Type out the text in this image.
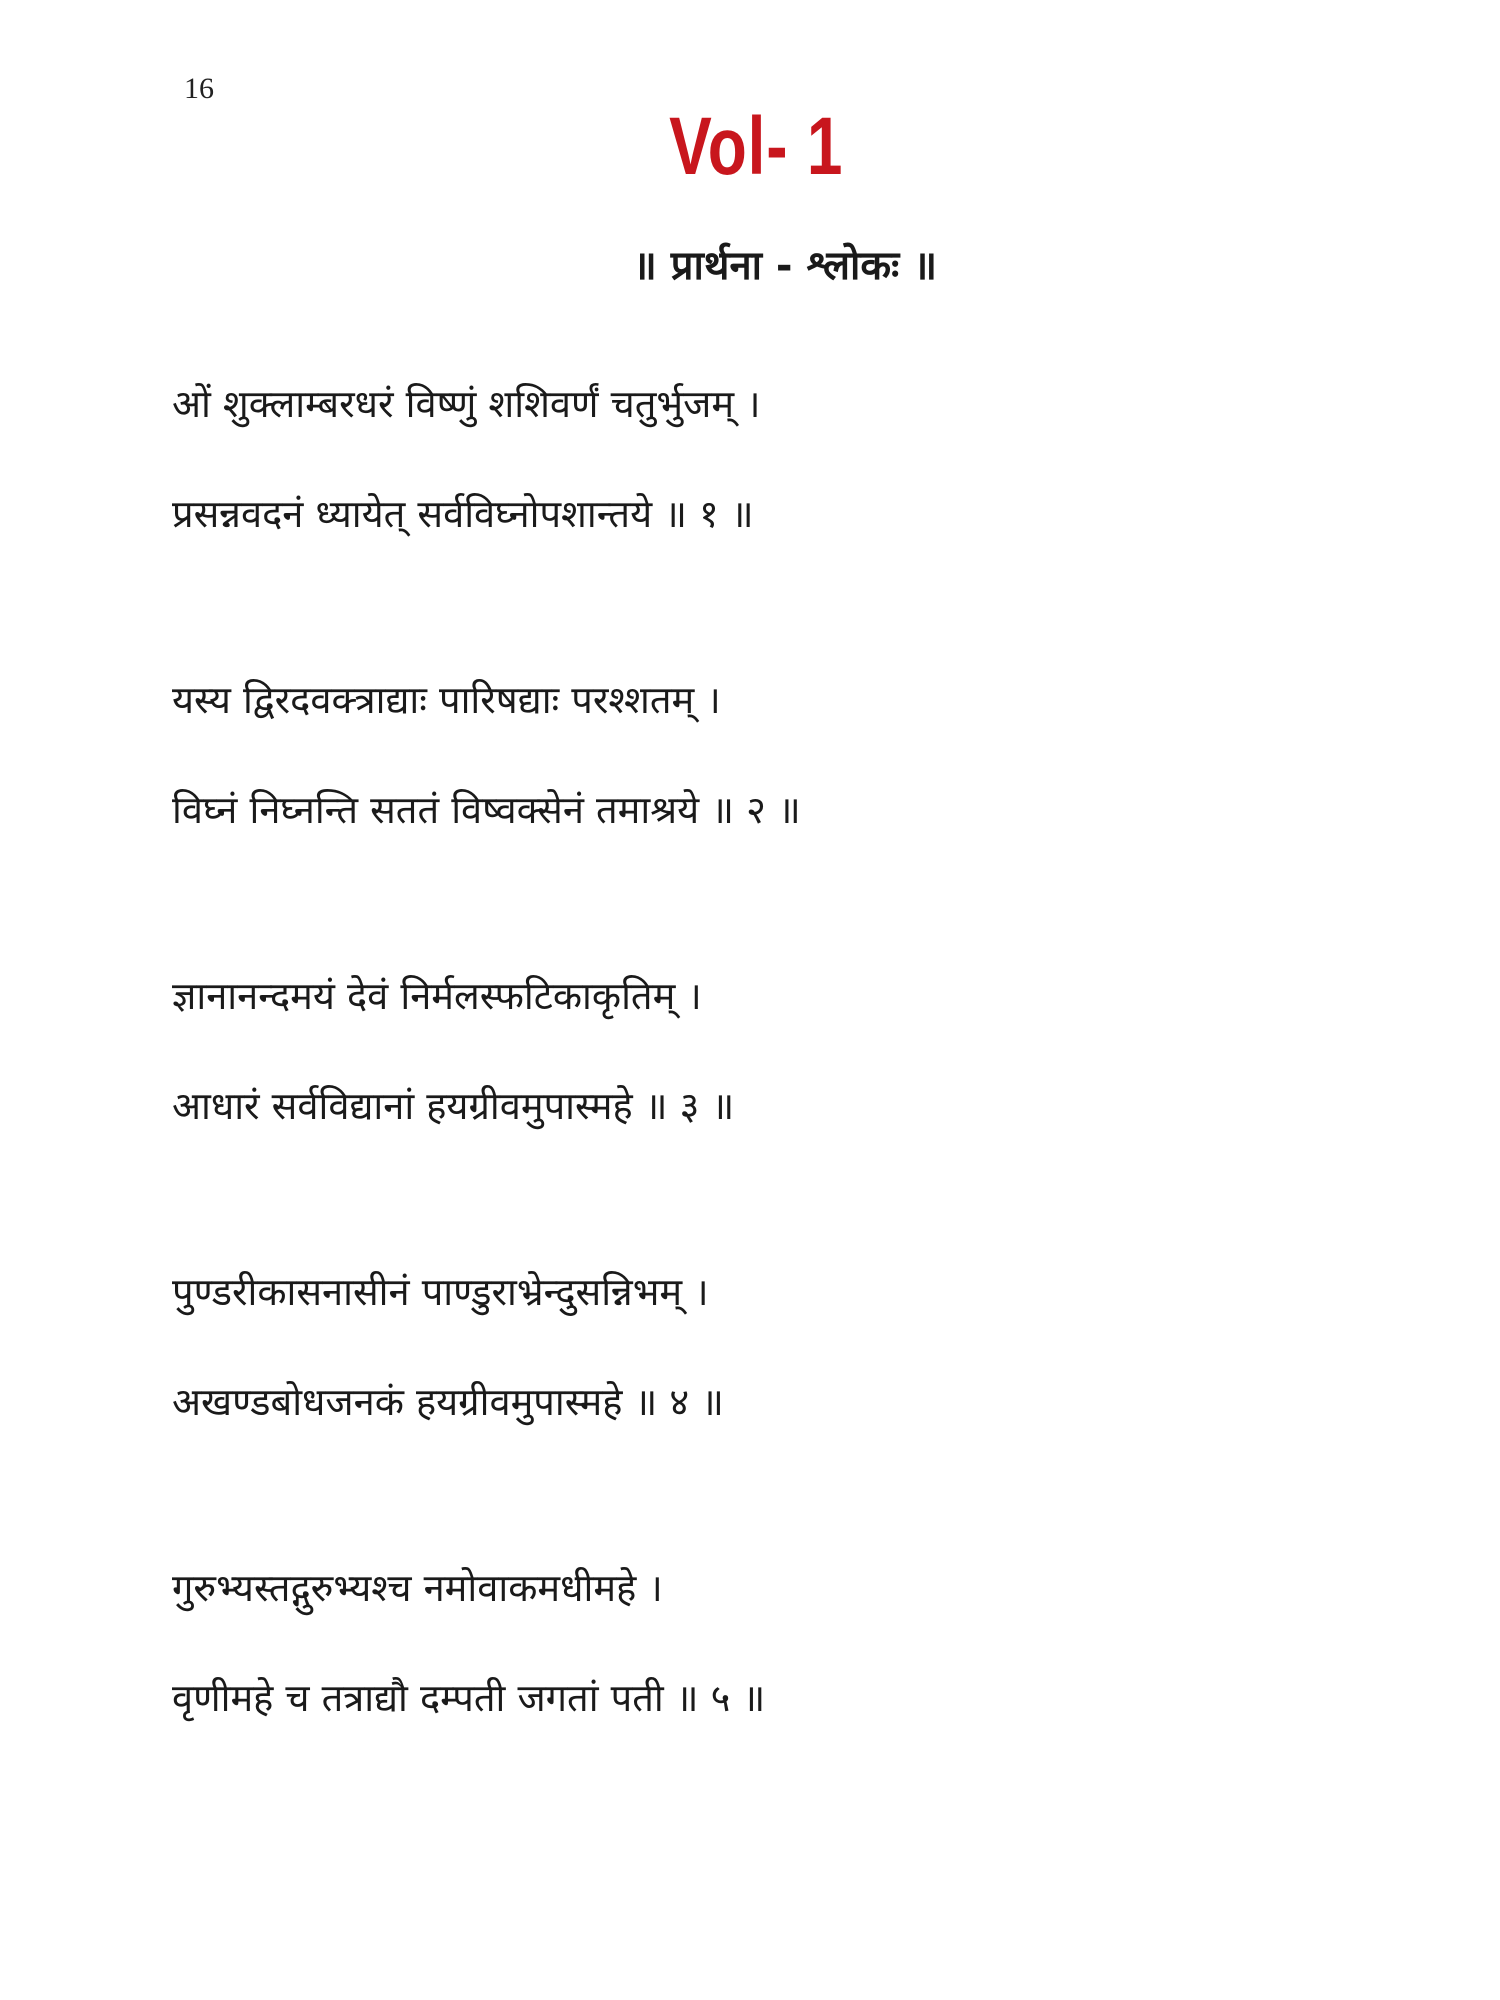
16
Vol- 1
॥ प्रार्थना - श्लोकः ॥
ओं शुक्लाम्बरधरं विष्णुं शशिवर्णं चतुर्भुजम् ।
प्रसन्नवदनं ध्यायेत् सर्वविघ्नोपशान्तये ॥ १ ॥
यस्य द्विरदवक्त्राद्याः पारिषद्याः परश्शतम् ।
विघ्नं निघ्नन्ति सततं विष्वक्सेनं तमाश्रये ॥ २ ॥
ज्ञानानन्दमयं देवं निर्मलस्फटिकाकृतिम् ।
आधारं सर्वविद्यानां हयग्रीवमुपास्महे ॥ ३ ॥
पुण्डरीकासनासीनं पाण्डुराभ्रेन्दुसन्निभम् ।
अखण्डबोधजनकं हयग्रीवमुपास्महे ॥ ४ ॥
गुरुभ्यस्तद्गुरुभ्यश्च नमोवाकमधीमहे ।
वृणीमहे च तत्राद्यौ दम्पती जगतां पती ॥ ५ ॥
